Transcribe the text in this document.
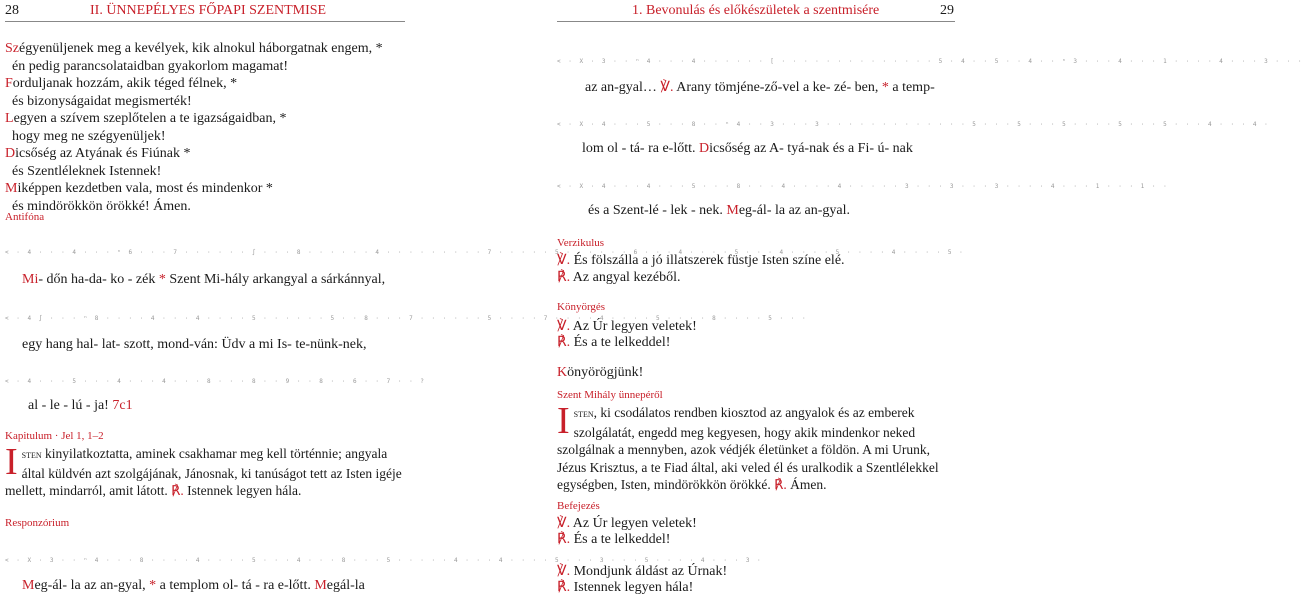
28	II. ÜNNEPÉLYES FŐPAPI SZENTMISE	1. Bevonulás és előkészületek a szentmisére	29
Szégyenüljenek meg a kevélyek, kik alnokul háborgatnak engem, *
én pedig parancsolataidban gyakorlom magamat!
Forduljanak hozzám, akik téged félnek, *
és bizonyságaidat megismerték!
Legyen a szívem szeplőtelen a te igazságaidban, *
hogy meg ne szégyenüljek!
Dicsőség az Atyának és Fiúnak *
és Szentléleknek Istennek!
Miképpen kezdetben vala, most és mindenkor *
és mindörökkön örökké! Ámen.
Antifóna
< · 4 · · · 4 · · · ⁿ 6 · · · 7 · · · · · · ∫ · · · 8 · · · · · · 4 · · · · · · · · · 7 · · · · · 5 · · · · · · 6 · · · 4 · · · · 5 · · · 4 · · · · 5 · · · · 4 · · · · 5 ·
Mi- dőn ha-da- ko - zék * Szent Mi-hály arkangyal a sárkánnyal,
< · 4 ∫ · · · ⁿ 8 · · · · 4 · · · 4 · · · · 5 · · · · · · 5 · · 8 · · · 7 · · · · · · 5 · · · · 7 · · · · 4 · · · · 5 · · · · 8 · · · · 5 · · ·
egy hang hal- lat- szott, mond-ván: Üdv a mi Is- te-nünk-nek,
< · 4 · · · 5 · · · 4 · · · 4 · · · 8 · · · 8 · · 9 · · 8 · · 6 · · 7 · · ?
al - le - lú - ja! 7c1
Kapitulum · Jel 1, 1–2
Isten kinyilatkoztatta, aminek csakhamar meg kell történnie; angyala által küldvén azt szolgájának, Jánosnak, ki tanúságot tett az Isten igéje mellett, mindarról, amit látott. ℟. Istennek legyen hála.
Responzórium
< · X · 3 · · ⁿ 4 · · · 8 · · · · 4 · · · · 5 · · · 4 · · · 8 · · · 5 · · · · · 4 · · · 4 · · · · 5 · · · 3 · · · 5 · · · · 4 · · · 3 ·
Meg-ál- la az an-gyal, * a templom ol- tá - ra e-lőtt. Megál-la
< · X · 3 · · ⁿ 4 · · · 4 · · · · · · [ · · · · · · · · · · · · · · 5 · 4 · · 5 · · 4 · · ⁿ 3 · · · 4 · · · 1 · · · · 4 · · · 3 · · ·
az an-gyal… ℣. Arany tömjéne-ző-vel a ke- zé- ben, * a temp-
< · X · 4 · · · 5 · · · 8 · · ⁿ 4 · · 3 · · · 3 · · · · · · · · · · · · · 5 · · · 5 · · · 5 · · · · 5 · · · 5 · · · 4 · · · 4 ·
lom ol - tá- ra e-lőtt. Dicsőség az A- tyá-nak és a Fi- ú- nak
< · X · 4 · · · 4 · · · 5 · · · 8 · · · 4 · · · · 4 · · · · · 3 · · · 3 · · · 3 · · · · 4 · · · 1 · · · 1 · ·
és a Szent-lé - lek - nek. Meg-ál- la az an-gyal.
Verzikulus
℣. És fölszálla a jó illatszerek füstje Isten színe elé.
℟. Az angyal kezéből.
Könyörgés
℣. Az Úr legyen veletek!
℟. És a te lelkeddel!
Könyörögjünk!
Szent Mihály ünnepéről
Isten, ki csodálatos rendben kiosztod az angyalok és az emberek szolgálatát, engedd meg kegyesen, hogy akik mindenkor neked szolgálnak a mennyben, azok védjék életünket a földön. A mi Urunk, Jézus Krisztus, a te Fiad által, aki veled él és uralkodik a Szentlélekkel egységben, Isten, mindörökkön örökké. ℟. Ámen.
Befejezés
℣. Az Úr legyen veletek!
℟. És a te lelkeddel!
℣. Mondjunk áldást az Úrnak!
℟. Istennek legyen hála!
